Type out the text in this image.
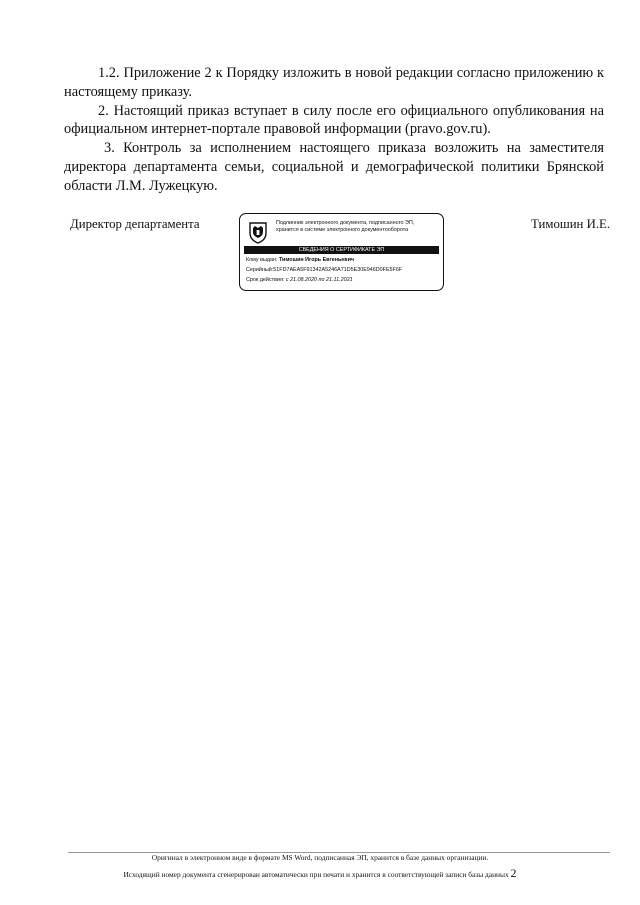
1.2. Приложение 2 к Порядку изложить в новой редакции согласно приложению к настоящему приказу.

2. Настоящий приказ вступает в силу после его официального опубликования на официальном интернет-портале правовой информации (pravo.gov.ru).

3. Контроль за исполнением настоящего приказа возложить на заместителя директора департамента семьи, социальной и демографической политики Брянской области Л.М. Лужецкую.

Директор департамента	Подлинник электронного документа, подписанного ЭП,
хранится в системе электронного документооборота
СВЕДЕНИЯ О СЕРТИФИКАТЕ ЭП
Кому выдан: Тимошин Игорь Евгеньевич
Серийный:51FD7AEA5F91342A5246A71D5E30E946D0FE5F6F
Срок действия: с 21.08.2020 по 21.11.2021
Тимошин И.Е.
Оригинал в электронном виде в формате MS Word, подписанная ЭП, хранится в базе данных организации.
Исходящий номер документа сгенерирован автоматически при печати и хранится в соответствующей записи базы данных 2
